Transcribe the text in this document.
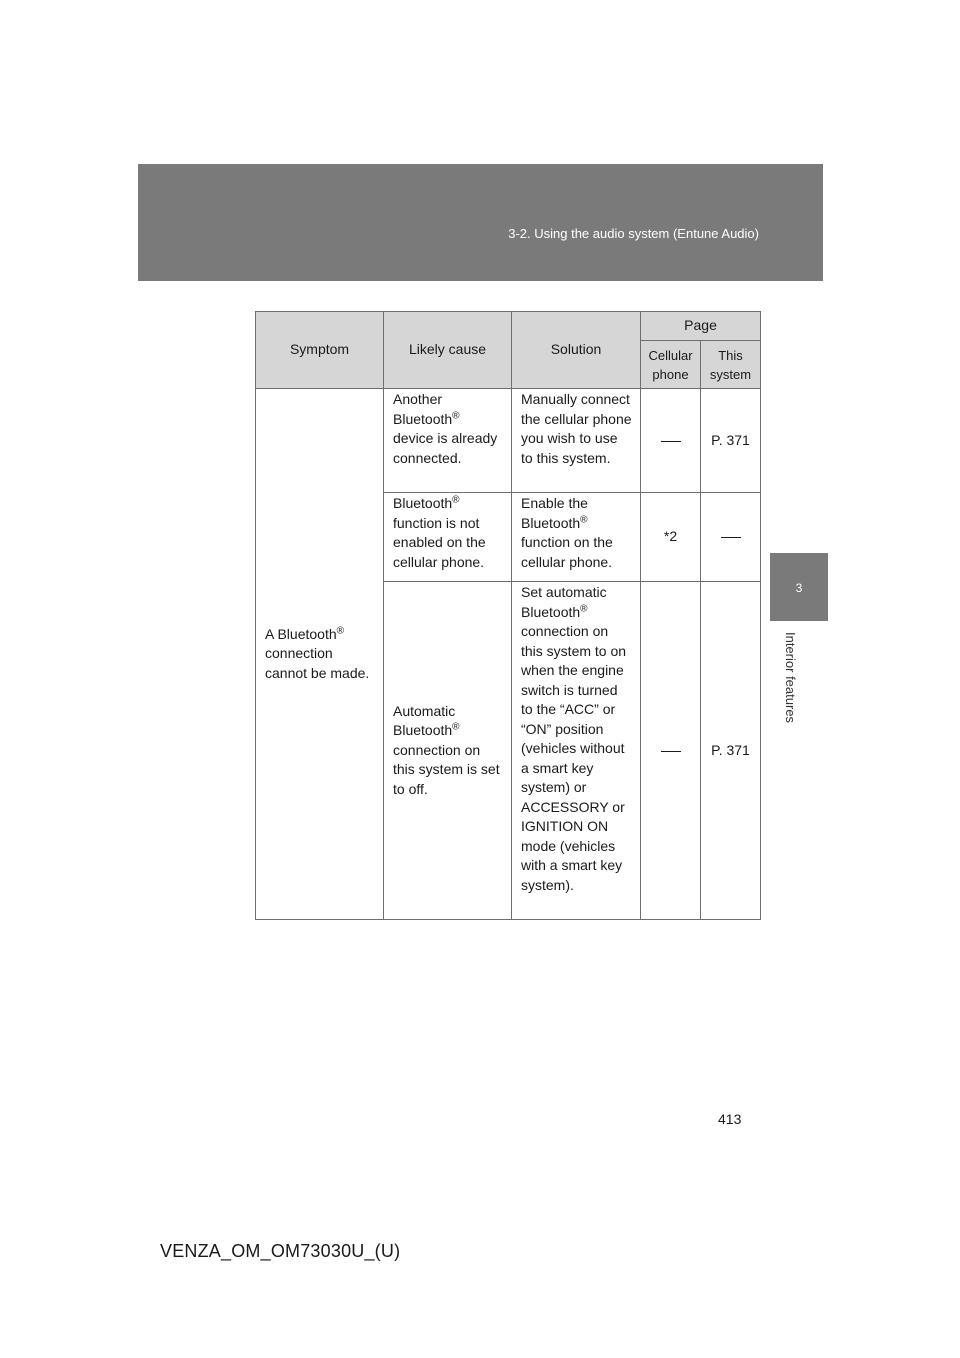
3-2. Using the audio system (Entune Audio)
3
Interior features
Symptom	Likely cause	Solution	Page	
			Cellular phone	This system
A Bluetooth®
connection cannot be made.	Another Bluetooth® device is already connected.	Manually connect the cellular phone you wish to use to this system.		P. 371
	Bluetooth® function is not enabled on the cellular phone.	Enable the Bluetooth® function on the cellular phone.	*2	
	Automatic Bluetooth® connection on this system is set to off.	Set automatic Bluetooth® connection on this system to on when the engine switch is turned to the “ACC” or “ON” position (vehicles without a smart key system) or ACCESSORY or IGNITION ON mode (vehicles with a smart key system).		P. 371
413
VENZA_OM_OM73030U_(U)
